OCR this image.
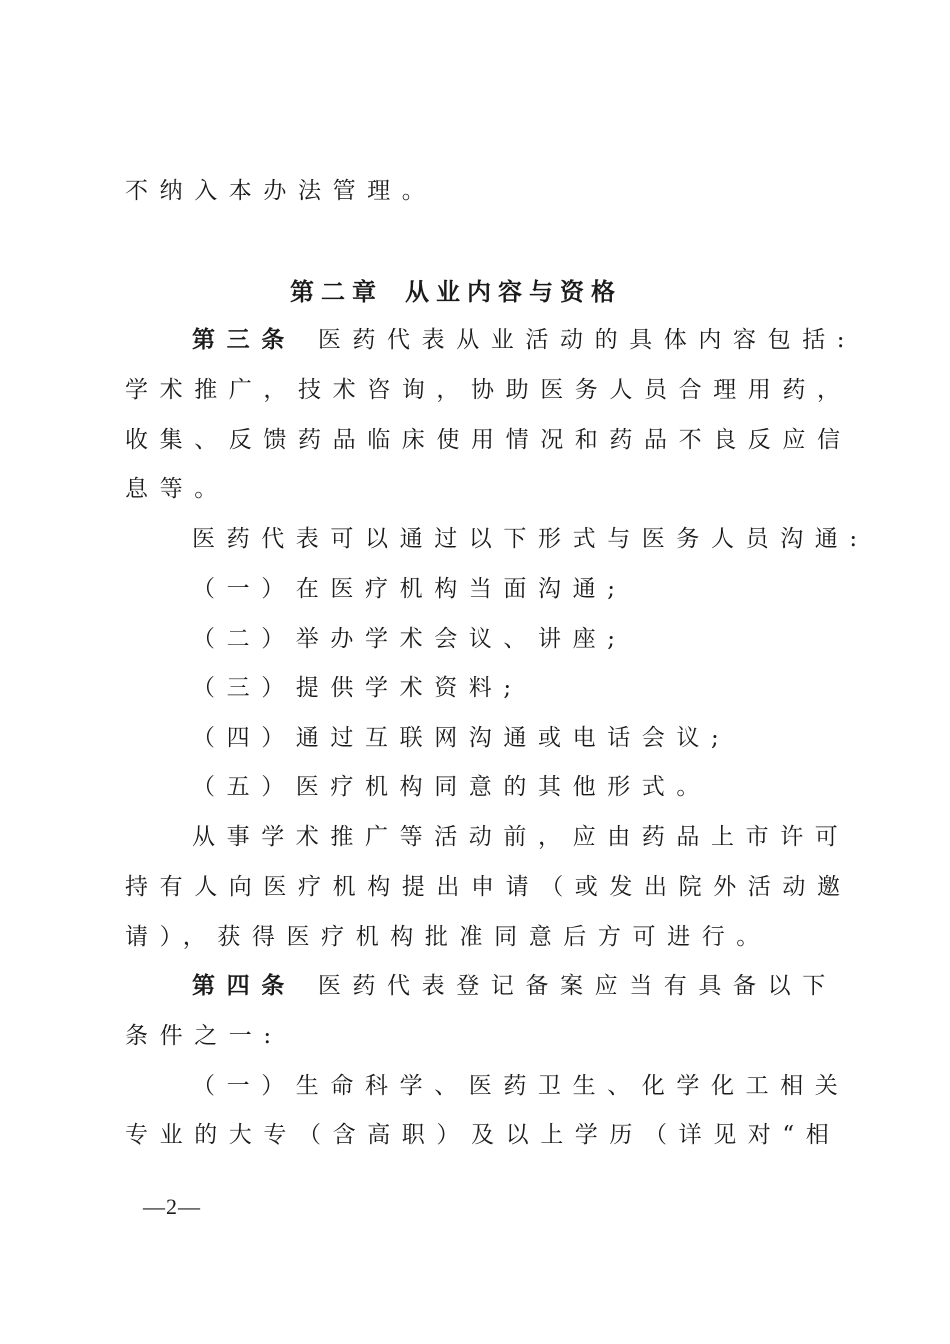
不纳入本办法管理。
第二章 从业内容与资格
第三条 医药代表从业活动的具体内容包括:
学术推广，技术咨询，协助医务人员合理用药，
收集、反馈药品临床使用情况和药品不良反应信
息等。
医药代表可以通过以下形式与医务人员沟通:
（一）在医疗机构当面沟通;
（二）举办学术会议、讲座;
（三）提供学术资料;
（四）通过互联网沟通或电话会议;
（五）医疗机构同意的其他形式。
从事学术推广等活动前，应由药品上市许可
持有人向医疗机构提出申请（或发出院外活动邀
请），获得医疗机构批准同意后方可进行。
第四条 医药代表登记备案应当有具备以下
条件之一:
（一）生命科学、医药卫生、化学化工相关
专业的大专（含高职）及以上学历（详见对“相
—2—
